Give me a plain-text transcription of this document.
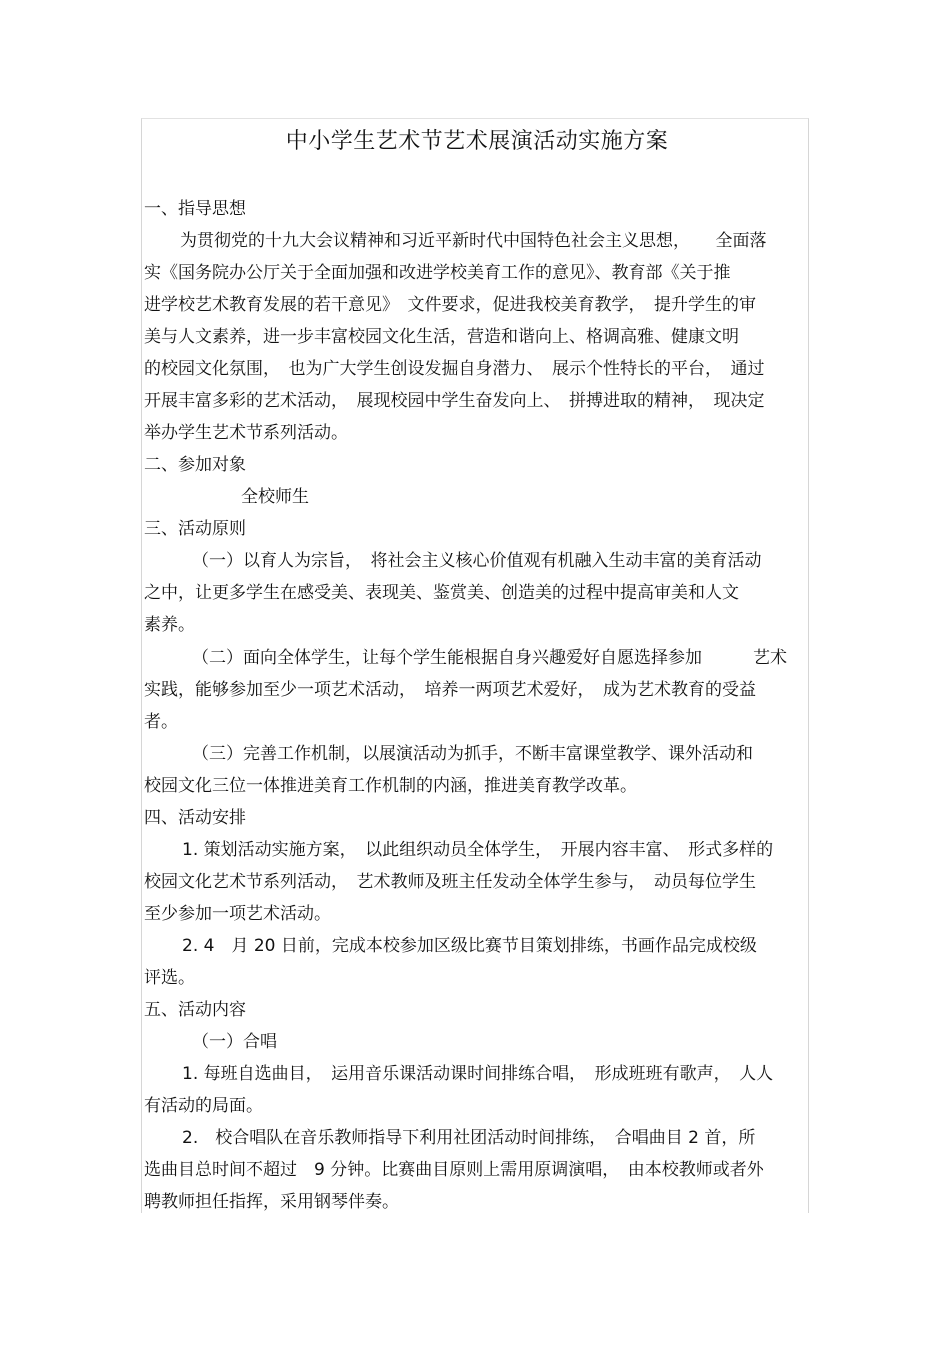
中小学生艺术节艺术展演活动实施方案
一、指导思想
为贯彻党的十九大会议精神和习近平新时代中国特色社会主义思想，　　全面落
实《国务院办公厅关于全面加强和改进学校美育工作的意见》、教育部《关于推
进学校艺术教育发展的若干意见》　文件要求，促进我校美育教学，　提升学生的审
美与人文素养，进一步丰富校园文化生活，营造和谐向上、格调高雅、健康文明
的校园文化氛围，　也为广大学生创设发掘自身潜力、　展示个性特长的平台，　通过
开展丰富多彩的艺术活动，　展现校园中学生奋发向上、　拼搏进取的精神，　现决定
举办学生艺术节系列活动。
二、参加对象
全校师生
三、活动原则
（一）以育人为宗旨，　将社会主义核心价值观有机融入生动丰富的美育活动
之中，让更多学生在感受美、表现美、鉴赏美、创造美的过程中提高审美和人文
素养。
（二）面向全体学生，让每个学生能根据自身兴趣爱好自愿选择参加　　　艺术
实践，能够参加至少一项艺术活动，　培养一两项艺术爱好，　成为艺术教育的受益
者。
（三）完善工作机制，以展演活动为抓手，不断丰富课堂教学、课外活动和
校园文化三位一体推进美育工作机制的内涵，推进美育教学改革。
四、活动安排
1. 策划活动实施方案，　以此组织动员全体学生，　开展内容丰富、　形式多样的
校园文化艺术节系列活动，　艺术教师及班主任发动全体学生参与，　动员每位学生
至少参加一项艺术活动。
2. 4　月 20 日前，完成本校参加区级比赛节目策划排练，书画作品完成校级
评选。
五、活动内容
（一）合唱
1. 每班自选曲目，　运用音乐课活动课时间排练合唱，　形成班班有歌声，　人人
有活动的局面。
2.　校合唱队在音乐教师指导下利用社团活动时间排练，　合唱曲目 2 首，所
选曲目总时间不超过　9 分钟。比赛曲目原则上需用原调演唱，　由本校教师或者外
聘教师担任指挥，采用钢琴伴奏。
